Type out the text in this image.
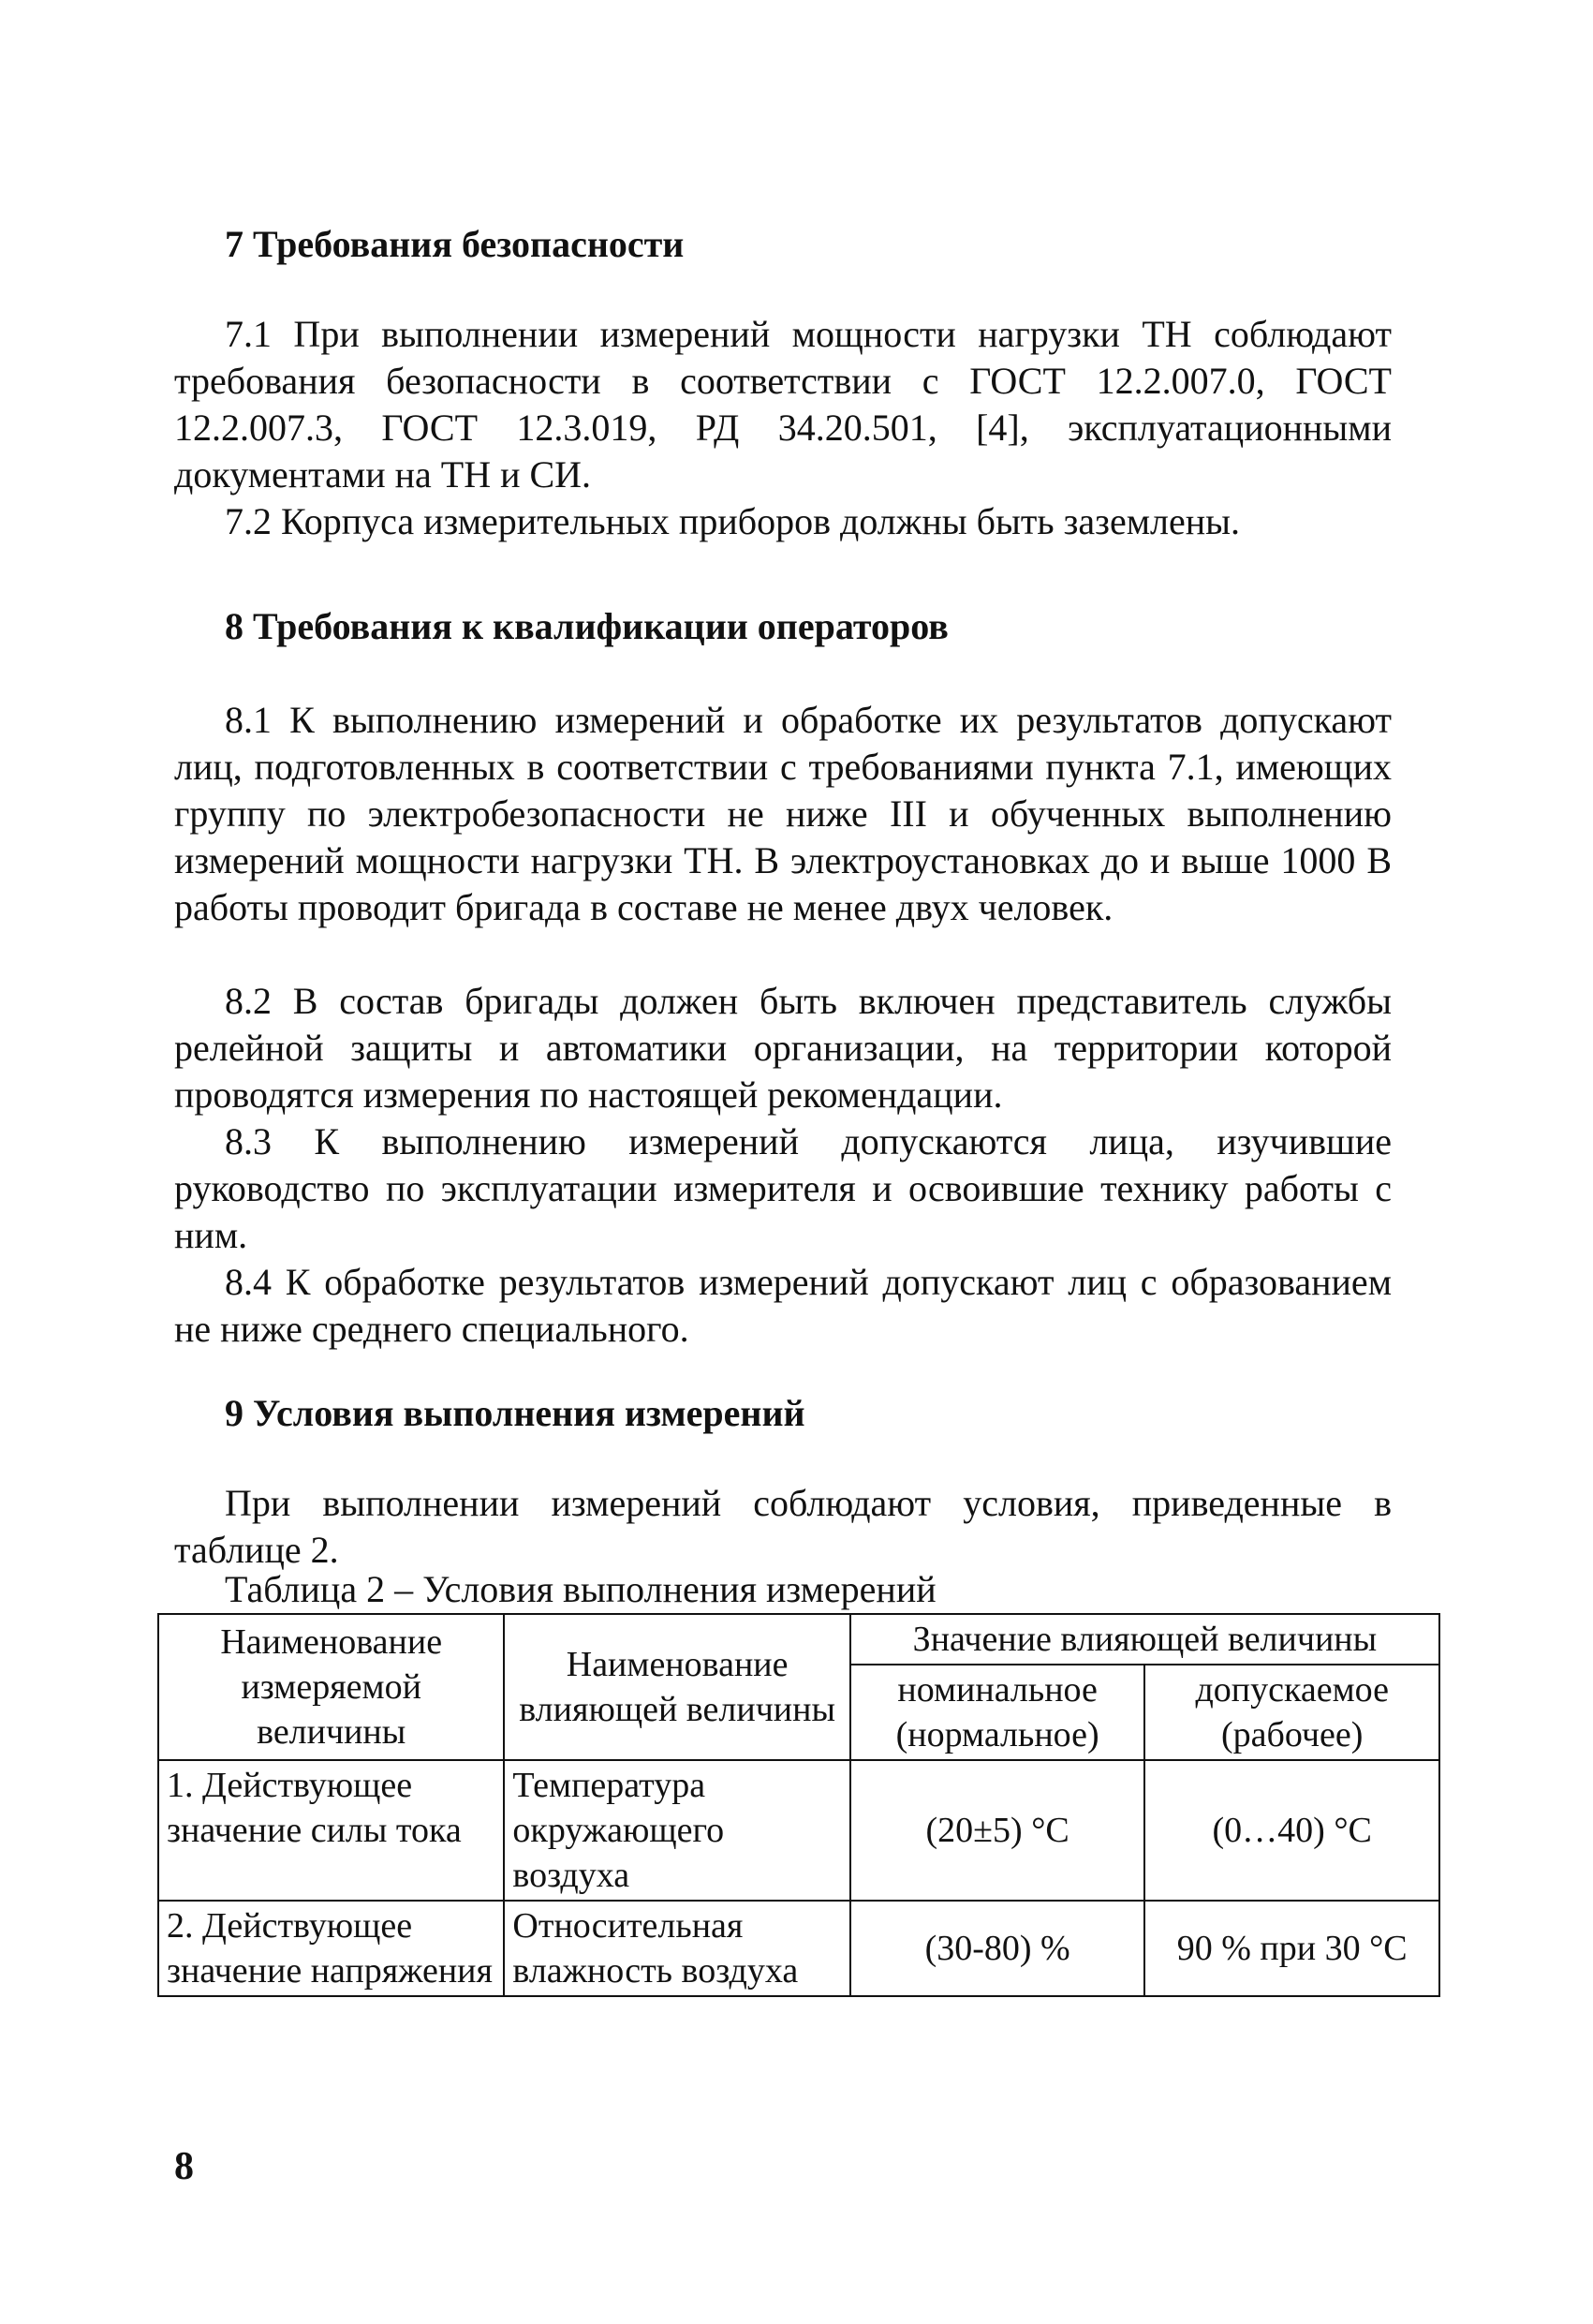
7 Требования безопасности

7.1 При выполнении измерений мощности нагрузки ТН соблюдают требования безопасности в соответствии с ГОСТ 12.2.007.0, ГОСТ 12.2.007.3, ГОСТ 12.3.019, РД 34.20.501, [4], эксплуатационными документами на ТН и СИ.

7.2 Корпуса измерительных приборов должны быть заземлены.

8 Требования к квалификации операторов

8.1 К выполнению измерений и обработке их результатов допускают лиц, подготовленных в соответствии с требованиями пункта 7.1, имеющих группу по электробезопасности не ниже III и обученных выполнению измерений мощности нагрузки ТН. В электроустановках до и выше 1000 В работы проводит бригада в составе не менее двух человек.

8.2 В состав бригады должен быть включен представитель службы релейной защиты и автоматики организации, на территории которой проводятся измерения по настоящей рекомендации.

8.3 К выполнению измерений допускаются лица, изучившие руководство по эксплуатации измерителя и освоившие технику работы с ним.

8.4 К обработке результатов измерений допускают лиц с образованием не ниже среднего специального.

9 Условия выполнения измерений

При выполнении измерений соблюдают условия, приведенные в таблице 2.

Таблица 2 – Условия выполнения измерений

Наименование измеряемой величины	Наименование влияющей величины	Значение влияющей величины	
		номинальное (нормальное)	допускаемое (рабочее)
1. Действующее значение силы тока	Температура окружающего воздуха	(20±5) °С	(0…40) °С
2. Действующее значение напряжения	Относительная влажность воздуха	(30-80) %	90 % при 30 °С

8
